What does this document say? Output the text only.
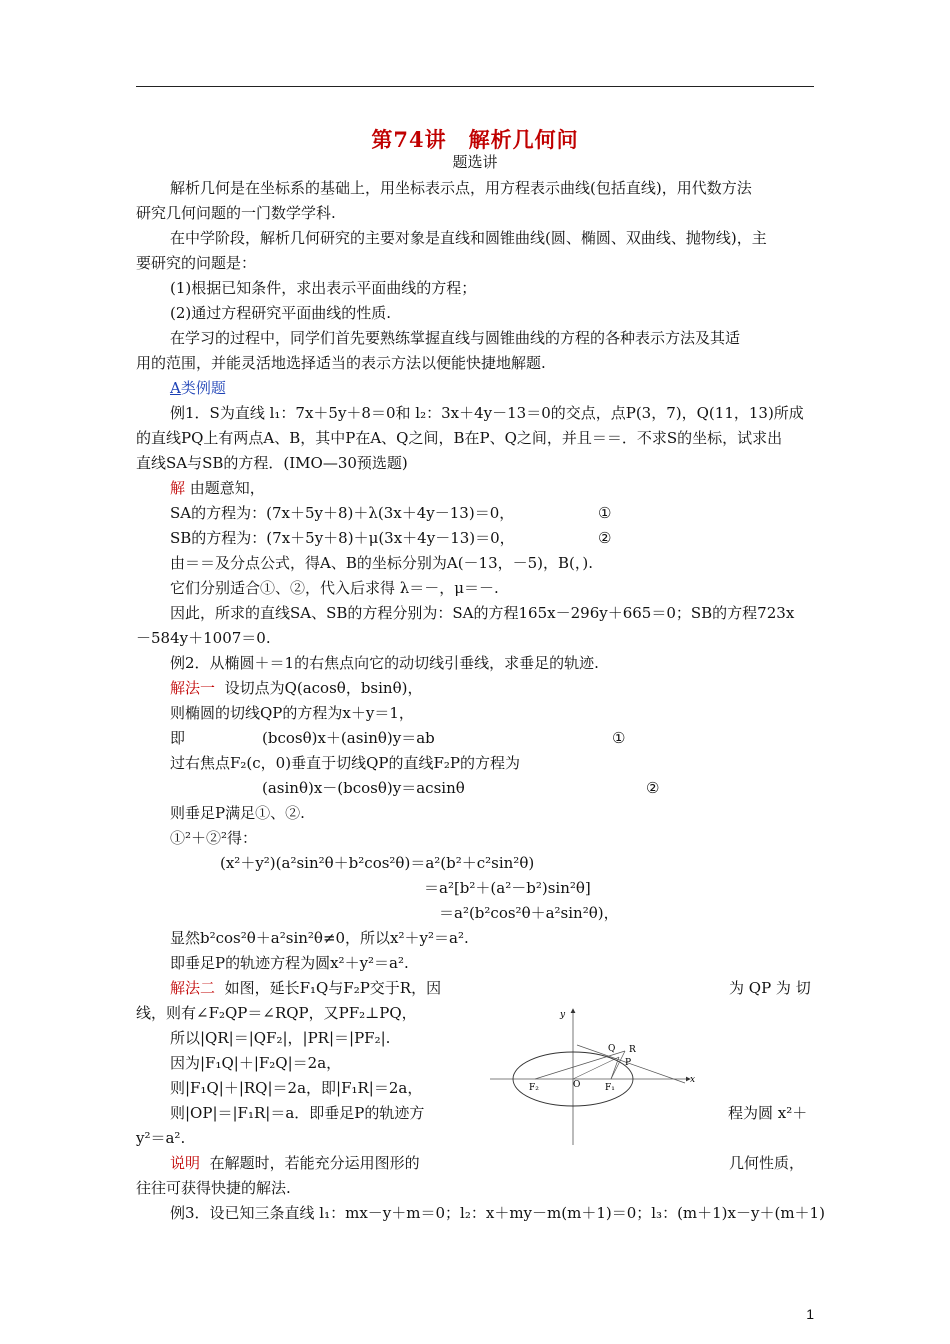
第74讲　解析几何问
题选讲
解析几何是在坐标系的基础上，用坐标表示点，用方程表示曲线(包括直线)，用代数方法
研究几何问题的一门数学学科.
在中学阶段，解析几何研究的主要对象是直线和圆锥曲线(圆、椭圆、双曲线、抛物线)，主
要研究的问题是：
(1)根据已知条件，求出表示平面曲线的方程；
(2)通过方程研究平面曲线的性质.
在学习的过程中，同学们首先要熟练掌握直线与圆锥曲线的方程的各种表示方法及其适
用的范围，并能灵活地选择适当的表示方法以便能快捷地解题.
A类例题
例1．S为直线 l₁：7x＋5y＋8＝0和 l₂：3x＋4y－13＝0的交点，点P(3，7)，Q(11，13)所成
的直线PQ上有两点A、B，其中P在A、Q之间，B在P、Q之间，并且＝＝．不求S的坐标，试求出
直线SA与SB的方程．(IMO—30预选题)
解 由题意知，
SA的方程为：(7x＋5y＋8)＋λ(3x＋4y－13)＝0，	①
SB的方程为：(7x＋5y＋8)＋μ(3x＋4y－13)＝0，	②
由＝＝及分点公式，得A、B的坐标分别为A(－13，－5)，B(，).
它们分别适合①、②，代入后求得 λ＝－，μ＝－.
因此，所求的直线SA、SB的方程分别为：SA的方程165x－296y＋665＝0；SB的方程723x
－584y＋1007＝0.
例2．从椭圆＋＝1的右焦点向它的动切线引垂线，求垂足的轨迹.
解法一 设切点为Q(acosθ，bsinθ)，
则椭圆的切线QP的方程为x＋y＝1，
即	(bcosθ)x＋(asinθ)y＝ab	①
过右焦点F₂(c，0)垂直于切线QP的直线F₂P的方程为
(asinθ)x－(bcosθ)y＝acsinθ	②
则垂足P满足①、②.
①²＋②²得：
(x²＋y²)(a²sin²θ＋b²cos²θ)＝a²(b²＋c²sin²θ)
＝a²[b²＋(a²－b²)sin²θ]
＝a²(b²cos²θ＋a²sin²θ)，
显然b²cos²θ＋a²sin²θ≠0，所以x²＋y²＝a².
即垂足P的轨迹方程为圆x²＋y²＝a².
解法二 如图，延长F₁Q与F₂P交于R，因	为 QP 为 切
线，则有∠F₂QP＝∠RQP，又PF₂⊥PQ，
所以|QR|＝|QF₂|，|PR|＝|PF₂|.
因为|F₁Q|＋|F₂Q|＝2a，
则|F₁Q|＋|RQ|＝2a，即|F₁R|＝2a，
则|OP|＝|F₁R|＝a．即垂足P的轨迹方	程为圆 x²＋
y²＝a².
说明 在解题时，若能充分运用图形的	几何性质，
往往可获得快捷的解法.
例3．设已知三条直线 l₁：mx－y＋m＝0；l₂：x＋my－m(m＋1)＝0；l₃：(m＋1)x－y＋(m＋1)
y
x
Q R
P
F₂	O	F₁
1
